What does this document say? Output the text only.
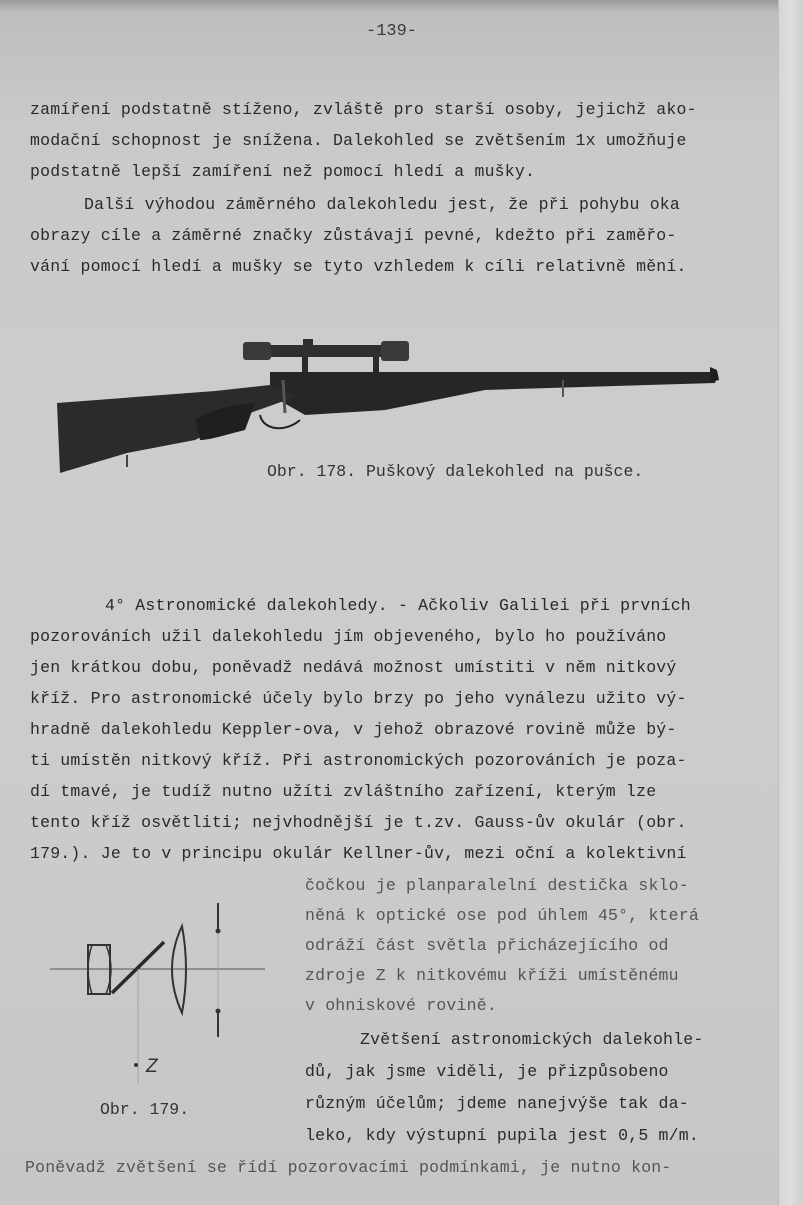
-139-
zamíření podstatně stíženo, zvláště pro starší osoby, jejichž ako-
modační schopnost je snížena. Dalekohled se zvětšením 1x umožňuje
podstatně lepší zamíření než pomocí hledí a mušky.
Další výhodou záměrného dalekohledu jest, že při pohybu oka
obrazy cíle a záměrné značky zůstávají pevné, kdežto při zaměřo-
vání pomocí hledí a mušky se tyto vzhledem k cíli relativně mění.
Obr. 178. Puškový dalekohled na pušce.
4° Astronomické dalekohledy. - Ačkoliv Galilei při prvních
pozorováních užil dalekohledu jím objeveného, bylo ho používáno
jen krátkou dobu, poněvadž nedává možnost umístiti v něm nitkový
kříž. Pro astronomické účely bylo brzy po jeho vynálezu užito vý-
hradně dalekohledu Keppler-ova, v jehož obrazové rovině může bý-
ti umístěn nitkový kříž. Při astronomických pozorováních je poza-
dí tmavé, je tudíž nutno užíti zvláštního zařízení, kterým lze
tento kříž osvětliti; nejvhodnější je t.zv. Gauss-ův okulár (obr.
179.). Je to v principu okulár Kellner-ův, mezi oční a kolektivní
čočkou je planparalelní destička sklo-
něná k optické ose pod úhlem 45°, která
odráží část světla přicházejícího od
zdroje Z k nitkovému kříži umístěnému
v ohniskové rovině.
Zvětšení astronomických dalekohle-
dů, jak jsme viděli, je přizpůsobeno
různým účelům; jdeme nanejvýše tak da-
leko, kdy výstupní pupila jest 0,5 m/m.
Poněvadž zvětšení se řídí pozorovacími podmínkami, je nutno kon-
Z
Obr. 179.
